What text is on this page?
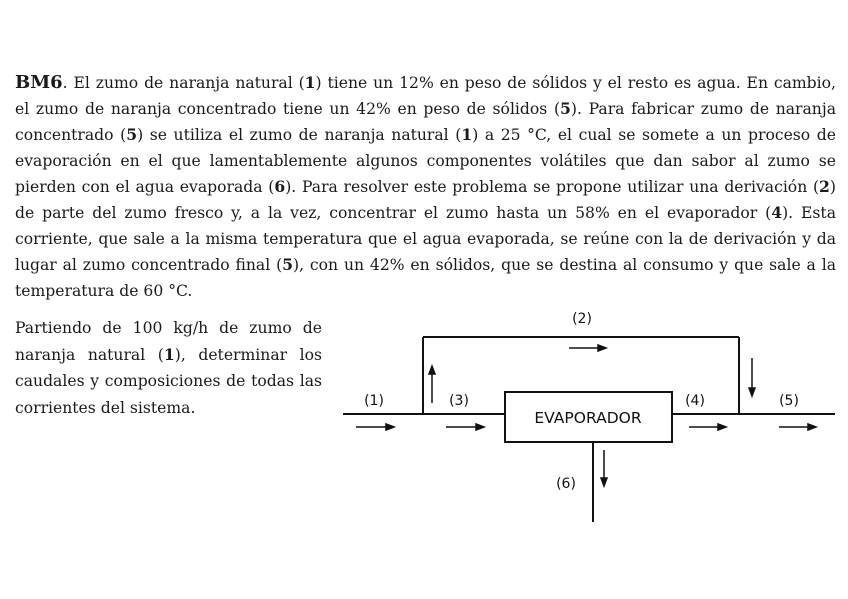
BM6. El zumo de naranja natural (1) tiene un 12% en peso de sólidos y el resto es agua. En cambio, el zumo de naranja concentrado tiene un 42% en peso de sólidos (5). Para fabricar zumo de naranja concentrado (5) se utiliza el zumo de naranja natural (1) a 25 °C, el cual se somete a un proceso de evaporación en el que lamentablemente algunos componentes volátiles que dan sabor al zumo se pierden con el agua evaporada (6). Para resolver este problema se propone utilizar una derivación (2) de parte del zumo fresco y, a la vez, concentrar el zumo hasta un 58% en el evaporador (4). Esta corriente, que sale a la misma temperatura que el agua evaporada, se reúne con la de derivación y da lugar al zumo concentrado final (5), con un 42% en sólidos, que se destina al consumo y que sale a la temperatura de 60 °C.

Partiendo de 100 kg/h de zumo de naranja natural (1), determinar los caudales y composiciones de todas las corrientes del sistema.

EVAPORADOR
(1)
(2)
(3)	(4)	(5)
(6)
